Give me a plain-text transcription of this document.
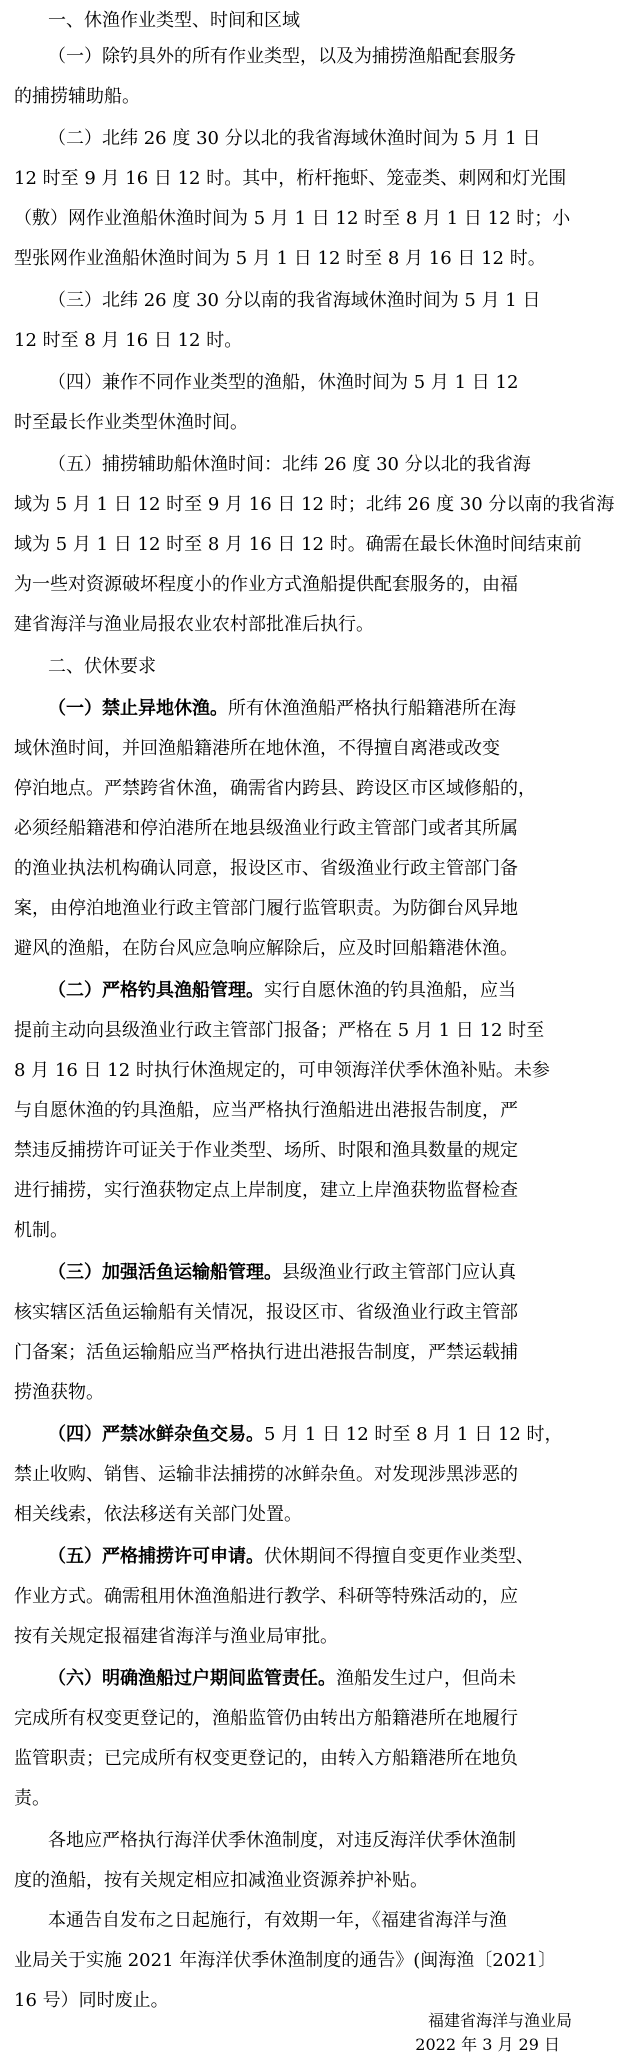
一、休渔作业类型、时间和区域
（一）除钓具外的所有作业类型，以及为捕捞渔船配套服务
的捕捞辅助船。
（二）北纬 26 度 30 分以北的我省海域休渔时间为 5 月 1 日
12 时至 9 月 16 日 12 时。其中，桁杆拖虾、笼壶类、刺网和灯光围
（敷）网作业渔船休渔时间为 5 月 1 日 12 时至 8 月 1 日 12 时；小
型张网作业渔船休渔时间为 5 月 1 日 12 时至 8 月 16 日 12 时。
（三）北纬 26 度 30 分以南的我省海域休渔时间为 5 月 1 日
12 时至 8 月 16 日 12 时。
（四）兼作不同作业类型的渔船，休渔时间为 5 月 1 日 12
时至最长作业类型休渔时间。
（五）捕捞辅助船休渔时间：北纬 26 度 30 分以北的我省海
域为 5 月 1 日 12 时至 9 月 16 日 12 时；北纬 26 度 30 分以南的我省海
域为 5 月 1 日 12 时至 8 月 16 日 12 时。确需在最长休渔时间结束前
为一些对资源破坏程度小的作业方式渔船提供配套服务的，由福
建省海洋与渔业局报农业农村部批准后执行。
二、伏休要求
（一）禁止异地休渔。所有休渔渔船严格执行船籍港所在海
域休渔时间，并回渔船籍港所在地休渔，不得擅自离港或改变
停泊地点。严禁跨省休渔，确需省内跨县、跨设区市区域修船的，
必须经船籍港和停泊港所在地县级渔业行政主管部门或者其所属
的渔业执法机构确认同意，报设区市、省级渔业行政主管部门备
案，由停泊地渔业行政主管部门履行监管职责。为防御台风异地
避风的渔船，在防台风应急响应解除后，应及时回船籍港休渔。
（二）严格钓具渔船管理。实行自愿休渔的钓具渔船，应当
提前主动向县级渔业行政主管部门报备；严格在 5 月 1 日 12 时至
8 月 16 日 12 时执行休渔规定的，可申领海洋伏季休渔补贴。未参
与自愿休渔的钓具渔船，应当严格执行渔船进出港报告制度，严
禁违反捕捞许可证关于作业类型、场所、时限和渔具数量的规定
进行捕捞，实行渔获物定点上岸制度，建立上岸渔获物监督检查
机制。
（三）加强活鱼运输船管理。县级渔业行政主管部门应认真
核实辖区活鱼运输船有关情况，报设区市、省级渔业行政主管部
门备案；活鱼运输船应当严格执行进出港报告制度，严禁运载捕
捞渔获物。
（四）严禁冰鲜杂鱼交易。5 月 1 日 12 时至 8 月 1 日 12 时，
禁止收购、销售、运输非法捕捞的冰鲜杂鱼。对发现涉黑涉恶的
相关线索，依法移送有关部门处置。
（五）严格捕捞许可申请。伏休期间不得擅自变更作业类型、
作业方式。确需租用休渔渔船进行教学、科研等特殊活动的，应
按有关规定报福建省海洋与渔业局审批。
（六）明确渔船过户期间监管责任。渔船发生过户，但尚未
完成所有权变更登记的，渔船监管仍由转出方船籍港所在地履行
监管职责；已完成所有权变更登记的，由转入方船籍港所在地负
责。
各地应严格执行海洋伏季休渔制度，对违反海洋伏季休渔制
度的渔船，按有关规定相应扣减渔业资源养护补贴。
本通告自发布之日起施行，有效期一年，《福建省海洋与渔
业局关于实施 2021 年海洋伏季休渔制度的通告》(闽海渔〔2021〕
16 号）同时废止。
福建省海洋与渔业局
2022 年 3 月 29 日
